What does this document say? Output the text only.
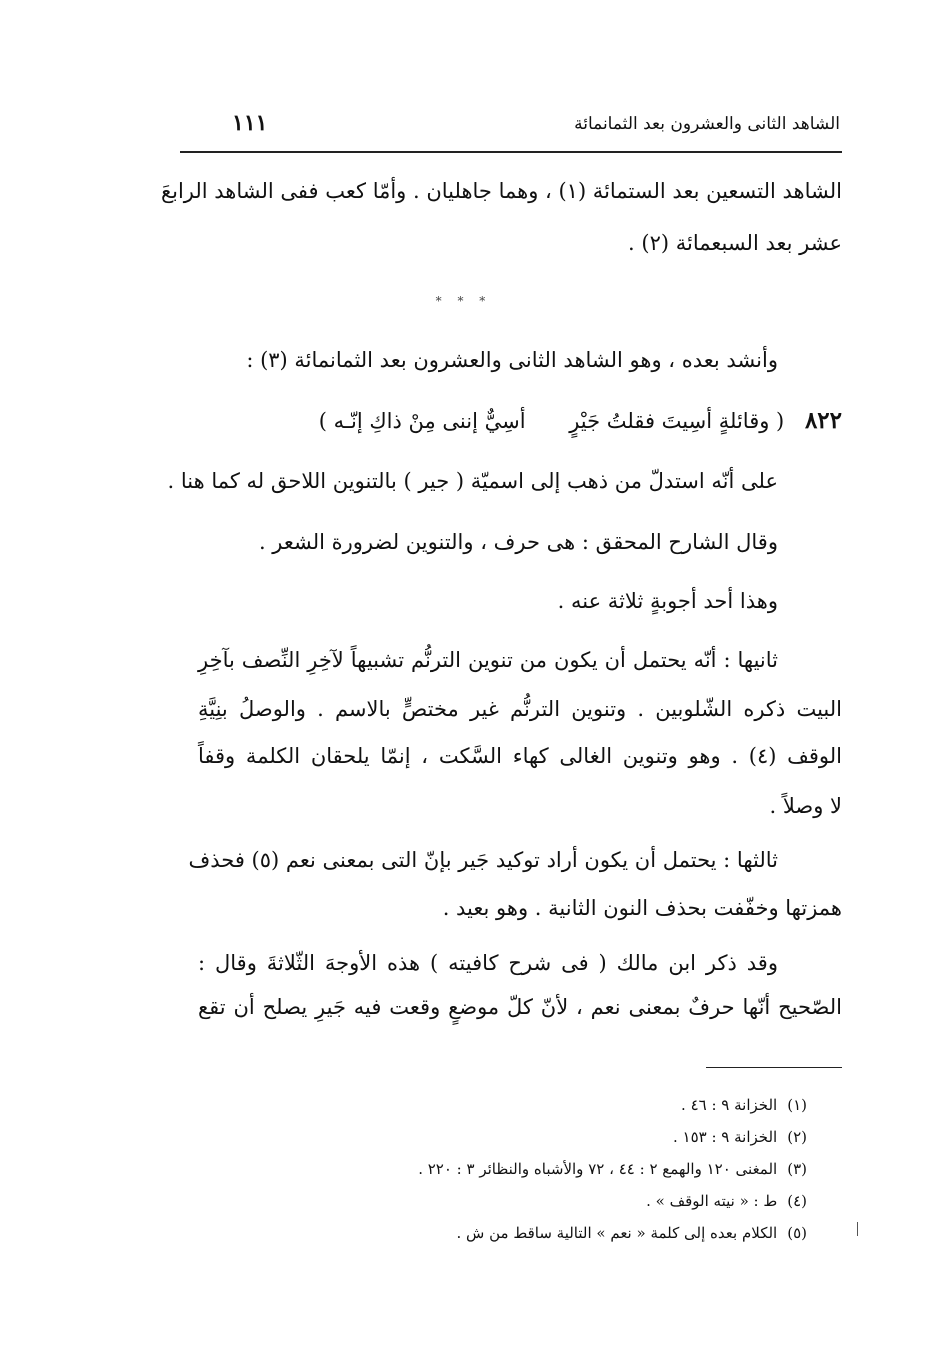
الشاهد الثانى والعشرون بعد الثمانمائة
١١١
الشاهد التسعين بعد الستمائة (١) ، وهما جاهليان . وأمّا كعب ففى الشاهد الرابعَ
عشر بعد السبعمائة (٢) .
* * *
وأنشد بعده ، وهو الشاهد الثانى والعشرون بعد الثمانمائة (٣) :
٨٢٢ ( وقائلةٍ أسِيتَ فقلتُ جَيْرٍ أسِيٌّ إننى مِنْ ذاكِ إنّـه )
على أنّه استدلّ من ذهب إلى اسميّة ( جير ) بالتنوين اللاحق له كما هنا .
وقال الشارح المحقق : هى حرف ، والتنوين لضرورة الشعر .
وهذا أحد أجوبةٍ ثلاثة عنه .
ثانيها : أنّه يحتمل أن يكون من تنوين الترنُّم تشبيهاً لآخِرِ النِّصف بآخِرِ
البيت ذكره الشّلوبين . وتنوين الترنُّم غير مختصٍّ بالاسم . والوصلُ بنِيَّةِ
الوقف (٤) . وهو وتنوين الغالى كهاء السَّكت ، إنمّا يلحقان الكلمة وقفاً
لا وصلاً .
ثالثها : يحتمل أن يكون أراد توكيد جَير بإنّ التى بمعنى نعم (٥) فحذف
همزتها وخفّفت بحذف النون الثانية . وهو بعيد .
وقد ذكر ابن مالك ( فى شرح كافيته ) هذه الأوجهَ الثّلاثةَ وقال :
الصّحيح أنّها حرفٌ بمعنى نعم ، لأنّ كلّ موضعٍ وقعت فيه جَيرِ يصلح أن تقع
(١)الخزانة ٩ : ٤٦ .
(٢)الخزانة ٩ : ١٥٣ .
(٣)المغنى ١٢٠ والهمع ٢ : ٤٤ ، ٧٢ والأشباه والنظائر ٣ : ٢٢٠ .
(٤)ط : « نيته الوقف » .
(٥)الكلام بعده إلى كلمة « نعم » التالية ساقط من ش .
